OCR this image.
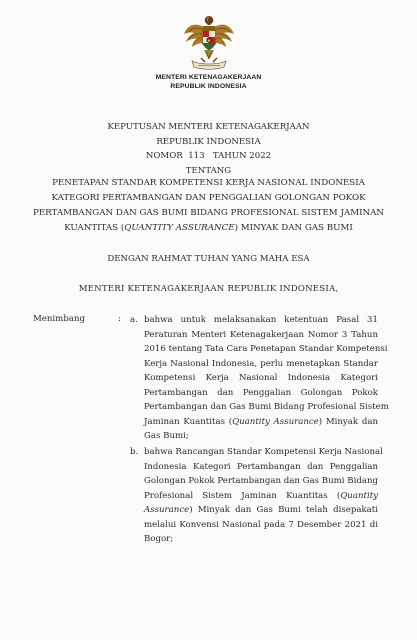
MENTERI KETENAGAKERJAAN
REPUBLIK INDONESIA
KEPUTUSAN MENTERI KETENAGAKERJAAN
REPUBLIK INDONESIA
NOMOR 113 TAHUN 2022
TENTANG
PENETAPAN STANDAR KOMPETENSI KERJA NASIONAL INDONESIA
KATEGORI PERTAMBANGAN DAN PENGGALIAN GOLONGAN POKOK
PERTAMBANGAN DAN GAS BUMI BIDANG PROFESIONAL SISTEM JAMINAN
KUANTITAS (QUANTITY ASSURANCE) MINYAK DAN GAS BUMI
DENGAN RAHMAT TUHAN YANG MAHA ESA
MENTERI KETENAGAKERJAAN REPUBLIK INDONESIA,
Menimbang	: a. bahwa untuk melaksanakan ketentuan Pasal 31
Peraturan Menteri Ketenagakerjaan Nomor 3 Tahun
2016 tentang Tata Cara Penetapan Standar Kompetensi
Kerja Nasional Indonesia, perlu menetapkan Standar
Kompetensi Kerja Nasional Indonesia Kategori
Pertambangan dan Penggalian Golongan Pokok
Pertambangan dan Gas Bumi Bidang Profesional Sistem
Jaminan Kuantitas (Quantity Assurance) Minyak dan
Gas Bumi;
b. bahwa Rancangan Standar Kompetensi Kerja Nasional
Indonesia Kategori Pertambangan dan Penggalian
Golongan Pokok Pertambangan dan Gas Bumi Bidang
Profesional Sistem Jaminan Kuantitas (Quantity
Assurance) Minyak dan Gas Bumi telah disepakati
melalui Konvensi Nasional pada 7 Desember 2021 di
Bogor;
